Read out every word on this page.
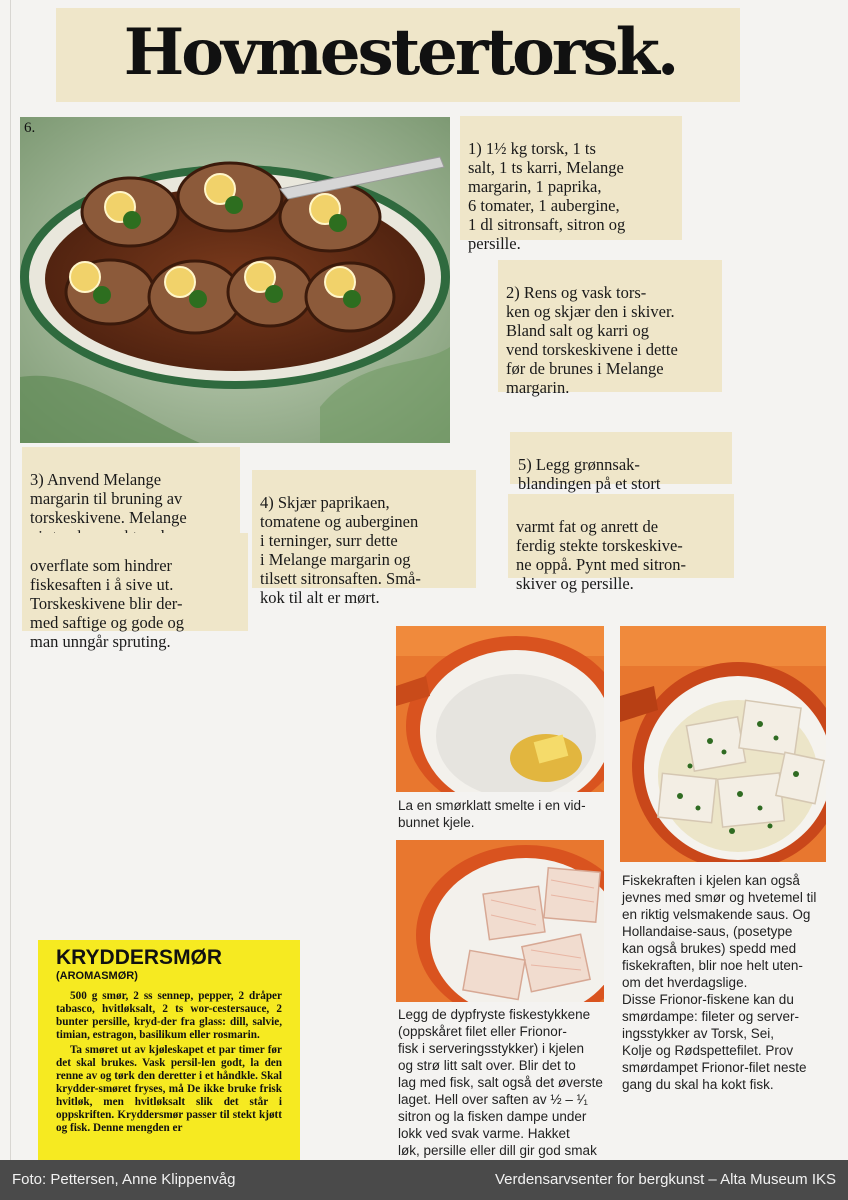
Hovmestertorsk.
6.

1) 1½ kg torsk, 1 ts
salt, 1 ts karri, Melange
margarin, 1 paprika,
6 tomater, 1 aubergine,
1 dl sitronsaft, sitron og
persille.

2) Rens og vask tors-
ken og skjær den i skiver.
Bland salt og karri og
vend torskeskivene i dette
før de brunes i Melange
margarin.

3) Anvend Melange
margarin til bruning av
torskeskivene. Melange

overflate som hindrer
fiskesaften i å sive ut.
Torskeskivene blir der-
med saftige og gode og
man unngår spruting.

4) Skjær paprikaen,
tomatene og auberginen
i terninger, surr dette
i Melange margarin og
tilsett sitronsaften. Små-
kok til alt er mørt.

5) Legg grønnsak-
blandingen på et stort

varmt fat og anrett de
ferdig stekte torskeskive-
ne oppå. Pynt med sitron-
skiver og persille.

La en smørklatt smelte i en vid-
bunnet kjele.
Legg de dypfryste fiskestykkene
(oppskåret filet eller Frionor-
fisk i serveringsstykker) i kjelen
og strø litt salt over. Blir det to
lag med fisk, salt også det øverste
laget. Hell over saften av ½ – ¹⁄₁
sitron og la fisken dampe under
lokk ved svak varme. Hakket
løk, persille eller dill gir god smak

Fiskekraften i kjelen kan også
jevnes med smør og hvetemel til
en riktig velsmakende saus. Og
Hollandaise-saus, (posetype
kan også brukes) spedd med
fiskekraften, blir noe helt uten-
om det hverdagslige.
Disse Frionor-fiskene kan du
smørdampe: fileter og server-
ingsstykker av Torsk, Sei,
Kolje og Rødspettefilet. Prov
smørdampet Frionor-filet neste
gang du skal ha kokt fisk.
KRYDDERSMØR

(AROMASMØR)

500 g smør, 2 ss sennep, pepper, 2 dråper tabasco, hvitløksalt, 2 ts wor-cestersauce, 2 bunter persille, kryd-der fra glass: dill, salvie, timian, estragon, basilikum eller rosmarin.

Ta smøret ut av kjøleskapet et par timer før det skal brukes. Vask persil-len godt, la den renne av og tørk den deretter i et håndkle. Skal krydder-smøret fryses, må De ikke bruke frisk hvitløk, men hvitløksalt slik det står i oppskriften. Kryddersmør passer til stekt kjøtt og fisk. Denne mengden er

Foto: Pettersen, Anne Klippenvåg	Verdensarvsenter for bergkunst – Alta Museum IKS
